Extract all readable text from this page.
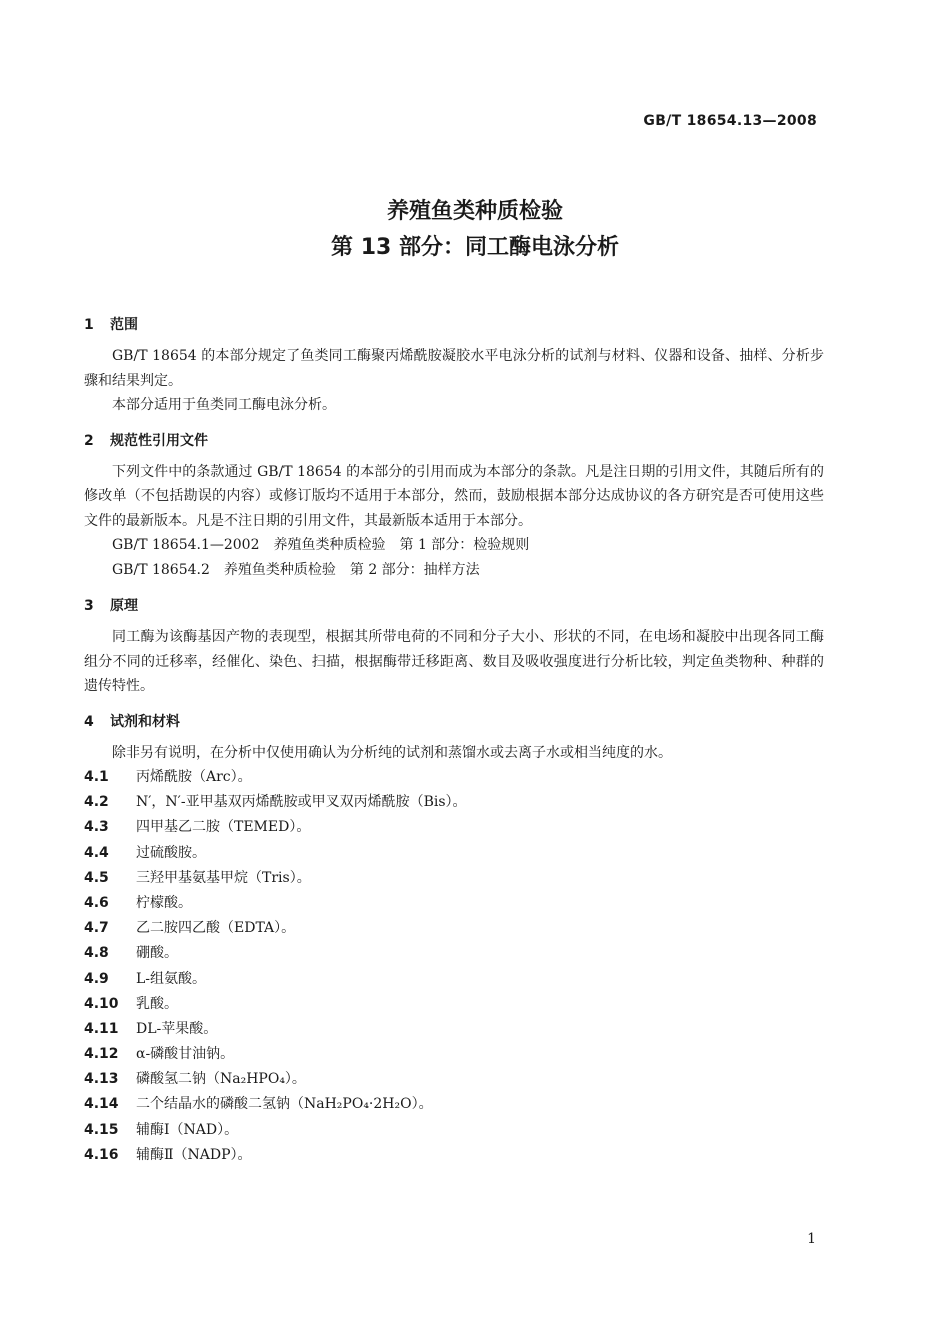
GB/T 18654.13—2008
养殖鱼类种质检验
第 13 部分：同工酶电泳分析
1 范围

GB/T 18654 的本部分规定了鱼类同工酶聚丙烯酰胺凝胶水平电泳分析的试剂与材料、仪器和设备、抽样、分析步骤和结果判定。

本部分适用于鱼类同工酶电泳分析。

2 规范性引用文件

下列文件中的条款通过 GB/T 18654 的本部分的引用而成为本部分的条款。凡是注日期的引用文件，其随后所有的修改单（不包括勘误的内容）或修订版均不适用于本部分，然而，鼓励根据本部分达成协议的各方研究是否可使用这些文件的最新版本。凡是不注日期的引用文件，其最新版本适用于本部分。

GB/T 18654.1—2002　养殖鱼类种质检验　第 1 部分：检验规则
GB/T 18654.2　养殖鱼类种质检验　第 2 部分：抽样方法
3 原理

同工酶为该酶基因产物的表现型，根据其所带电荷的不同和分子大小、形状的不同，在电场和凝胶中出现各同工酶组分不同的迁移率，经催化、染色、扫描，根据酶带迁移距离、数目及吸收强度进行分析比较，判定鱼类物种、种群的遗传特性。

4 试剂和材料

除非另有说明，在分析中仅使用确认为分析纯的试剂和蒸馏水或去离子水或相当纯度的水。

4.1 丙烯酰胺（Arc）。
4.2 N′，N′-亚甲基双丙烯酰胺或甲叉双丙烯酰胺（Bis）。
4.3 四甲基乙二胺（TEMED）。
4.4 过硫酸胺。
4.5 三羟甲基氨基甲烷（Tris）。
4.6 柠檬酸。
4.7 乙二胺四乙酸（EDTA）。
4.8 硼酸。
4.9 L-组氨酸。
4.10 乳酸。
4.11 DL-苹果酸。
4.12 α-磷酸甘油钠。
4.13 磷酸氢二钠（Na₂HPO₄）。
4.14 二个结晶水的磷酸二氢钠（NaH₂PO₄·2H₂O）。
4.15 辅酶Ⅰ（NAD）。
4.16 辅酶Ⅱ（NADP）。
1
